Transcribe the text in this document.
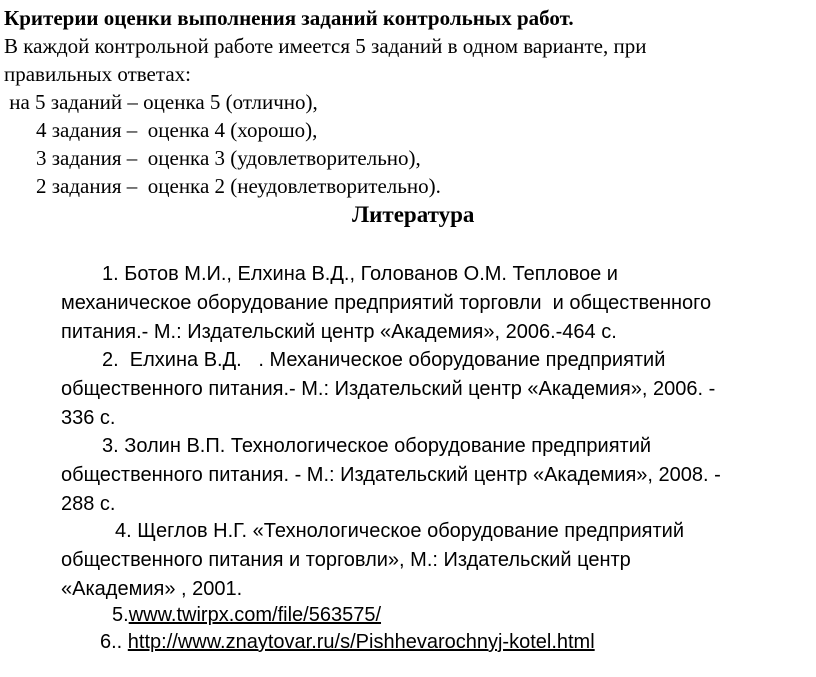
Критерии оценки выполнения заданий контрольных работ.
В каждой контрольной работе имеется 5 заданий в одном варианте, при
правильных ответах:
на 5 заданий – оценка 5 (отлично),
4 задания –  оценка 4 (хорошо),
3 задания –  оценка 3 (удовлетворительно),
2 задания –  оценка 2 (неудовлетворительно).
Литература
1. Ботов М.И., Елхина В.Д., Голованов О.М. Тепловое и
механическое оборудование предприятий торговли  и общественного
питания.- М.: Издательский центр «Академия», 2006.-464 с.
2.  Елхина В.Д.   . Механическое оборудование предприятий
общественного питания.- М.: Издательский центр «Академия», 2006. -
336 с.
3. Золин В.П. Технологическое оборудование предприятий
общественного питания. - М.: Издательский центр «Академия», 2008. -
288 с.
4. Щеглов Н.Г. «Технологическое оборудование предприятий
общественного питания и торговли», М.: Издательский центр
«Академия» , 2001.
5.www.twirpx.com/file/563575/
6.. http://www.znaytovar.ru/s/Pishhevarochnyj-kotel.html
